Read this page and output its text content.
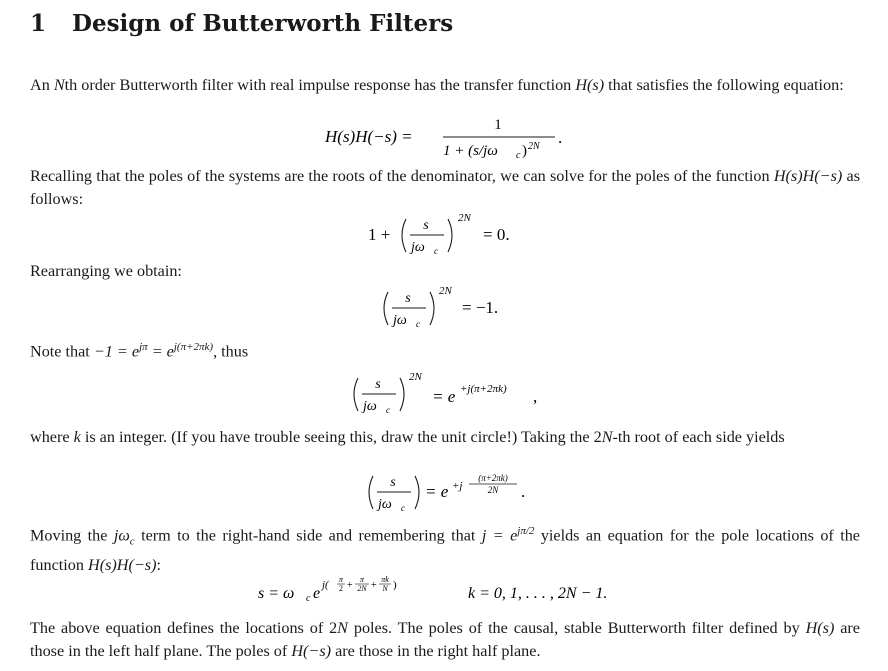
1 Design of Butterworth Filters
An Nth order Butterworth filter with real impulse response has the transfer function H(s) that satisfies the following equation:
H(s)H(−s) =
1
1 + (s/jω c ) 2N .
Recalling that the poles of the systems are the roots of the denominator, we can solve for the poles of the function H(s)H(−s) as follows:
1 + s
jω c
2N
= 0.
Rearranging we obtain:
s
jω c
2N
= −1.
Note that $-1 = e^{j\pi} = e^{j(\pi+2\pi k)}$, thus
s
jω c
2N
= e +j(π+2πk) ,
where k is an integer. (If you have trouble seeing this, draw the unit circle!) Taking the 2N-th root of each side yields
s
jω c
= e +j
(π+2πk)
2N .
Moving the $j\omega_c$ term to the right-hand side and remembering that $j = e^{j\pi/2}$ yields an equation for the pole locations of the function H(s)H(−s):
s = ω c e j( π
2 +
π
2N +
πk
N )	k = 0, 1, . . . , 2N − 1.
The above equation defines the locations of 2N poles. The poles of the causal, stable Butterworth filter defined by H(s) are those in the left half plane. The poles of H(−s) are those in the right half plane.
